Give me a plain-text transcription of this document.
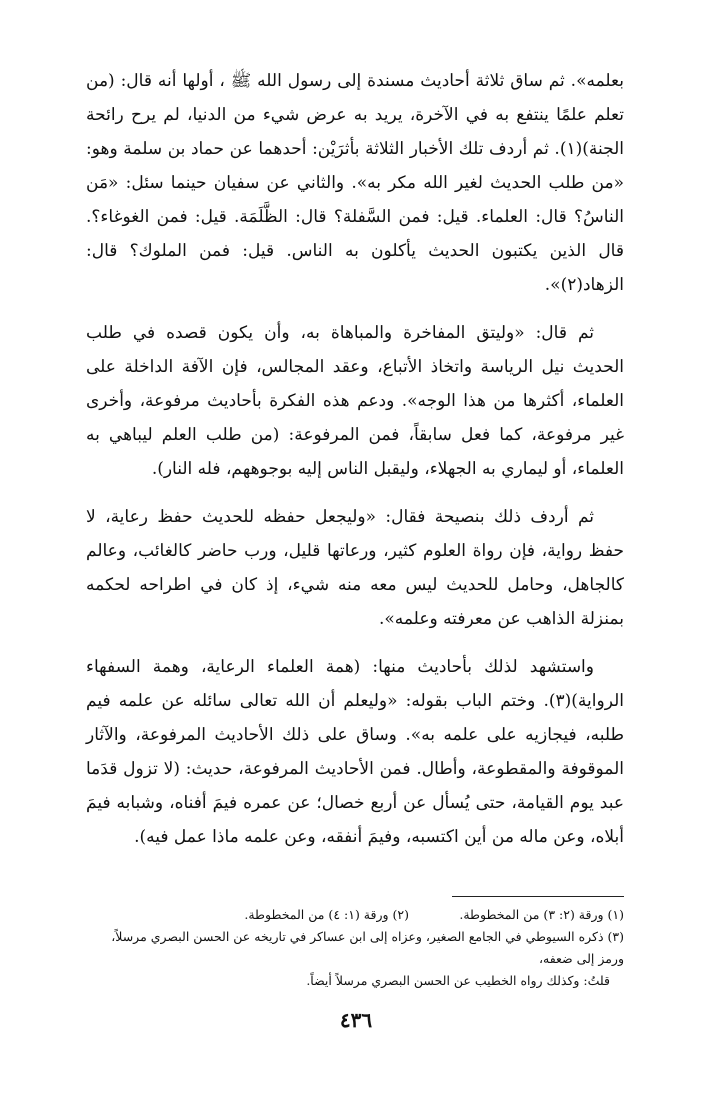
بعلمه». ثم ساق ثلاثة أحاديث مسندة إلى رسول الله ﷺ ، أولها أنه قال: (من تعلم علمًا ينتفع به في الآخرة، يريد به عرض شيء من الدنيا، لم يرح رائحة الجنة)(١). ثم أردف تلك الأخبار الثلاثة بأثرَيْن: أحدهما عن حماد بن سلمة وهو: «من طلب الحديث لغير الله مكر به». والثاني عن سفيان حينما سئل: «مَن الناسُ؟ قال: العلماء. قيل: فمن السَّفلة؟ قال: الظَّلَمَة. قيل: فمن الغوغاء؟. قال الذين يكتبون الحديث يأكلون به الناس. قيل: فمن الملوك؟ قال: الزهاد(٢)».

ثم قال: «وليتق المفاخرة والمباهاة به، وأن يكون قصده في طلب الحديث نيل الرياسة واتخاذ الأتباع، وعقد المجالس، فإن الآفة الداخلة على العلماء، أكثرها من هذا الوجه». ودعم هذه الفكرة بأحاديث مرفوعة، وأخرى غير مرفوعة، كما فعل سابقاً، فمن المرفوعة: (من طلب العلم ليباهي به العلماء، أو ليماري به الجهلاء، وليقبل الناس إليه بوجوههم، فله النار).

ثم أردف ذلك بنصيحة فقال: «وليجعل حفظه للحديث حفظ رعاية، لا حفظ رواية، فإن رواة العلوم كثير، ورعاتها قليل، ورب حاضر كالغائب، وعالم كالجاهل، وحامل للحديث ليس معه منه شيء، إذ كان في اطراحه لحكمه بمنزلة الذاهب عن معرفته وعلمه».

واستشهد لذلك بأحاديث منها: (همة العلماء الرعاية، وهمة السفهاء الرواية)(٣). وختم الباب بقوله: «وليعلم أن الله تعالى سائله عن علمه فيم طلبه، فيجازيه على علمه به». وساق على ذلك الأحاديث المرفوعة، والآثار الموقوفة والمقطوعة، وأطال. فمن الأحاديث المرفوعة، حديث: (لا تزول قدَما عبد يوم القيامة، حتى يُسأل عن أربع خصال؛ عن عمره فيمَ أفناه، وشبابه فيمَ أبلاه، وعن ماله من أين اكتسبه، وفيمَ أنفقه، وعن علمه ماذا عمل فيه).

(١) ورقة (٢: ٣) من المخطوطة.(٢) ورقة (١: ٤) من المخطوطة.
(٣) ذكره السيوطي في الجامع الصغير، وعزاه إلى ابن عساكر في تاريخه عن الحسن البصري مرسلاً، ورمز إلى ضعفه،
قلتُ: وكذلك رواه الخطيب عن الحسن البصري مرسلاً أيضاً.
٤٣٦
